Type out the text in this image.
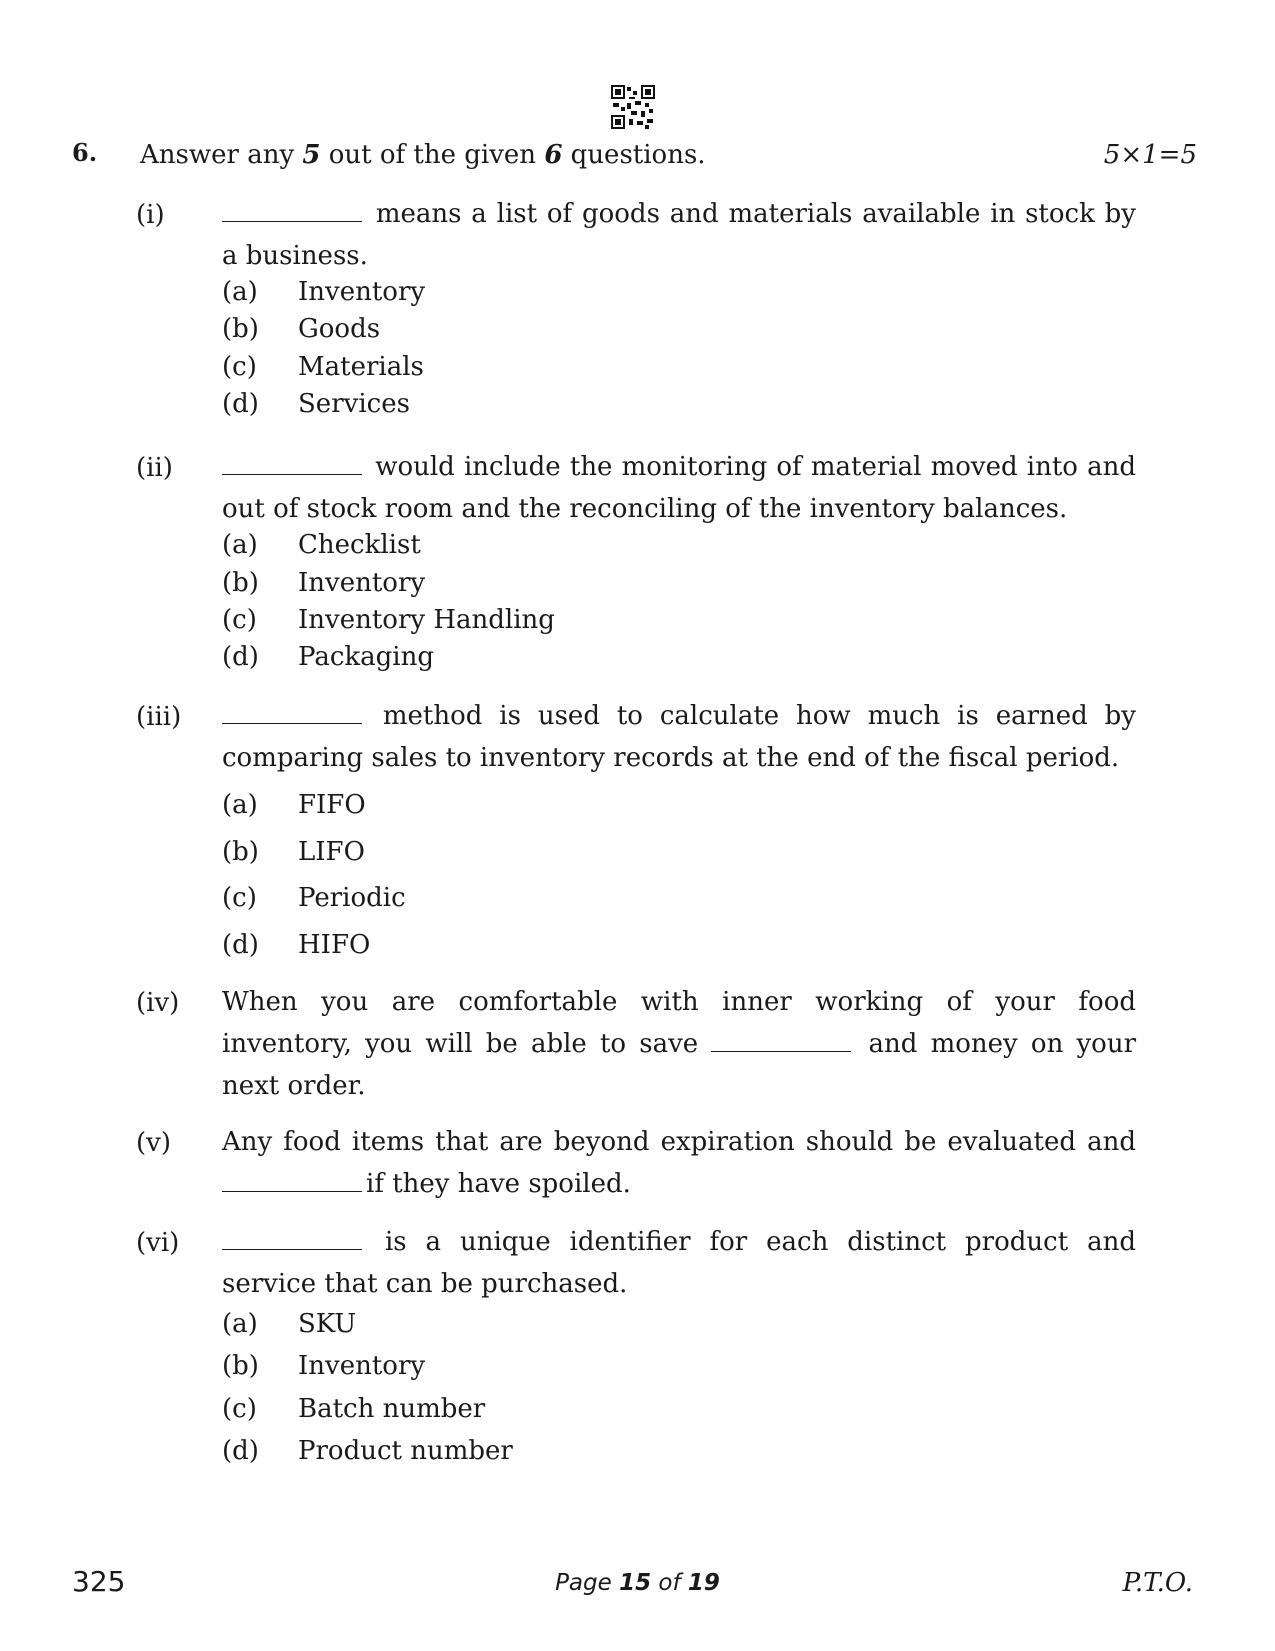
6. Answer any 5 out of the given 6 questions.	5×1=5
(i)	means a list of goods and materials available in stock by a business.
(a) Inventory
(b) Goods
(c) Materials
(d) Services
(ii)	would include the monitoring of material moved into and out of stock room and the reconciling of the inventory balances.
(a) Checklist
(b) Inventory
(c) Inventory Handling
(d) Packaging
(iii)	method is used to calculate how much is earned by comparing sales to inventory records at the end of the fiscal period.
(a) FIFO
(b) LIFO
(c) Periodic
(d) HIFO
(iv) When you are comfortable with inner working of your food inventory, you will be able to save	and money on your next order.
(v) Any food items that are beyond expiration should be evaluated and if they have spoiled.
(vi)	is a unique identifier for each distinct product and service that can be purchased.
(a) SKU
(b) Inventory
(c) Batch number
(d) Product number
325	Page 15 of 19	P.T.O.
